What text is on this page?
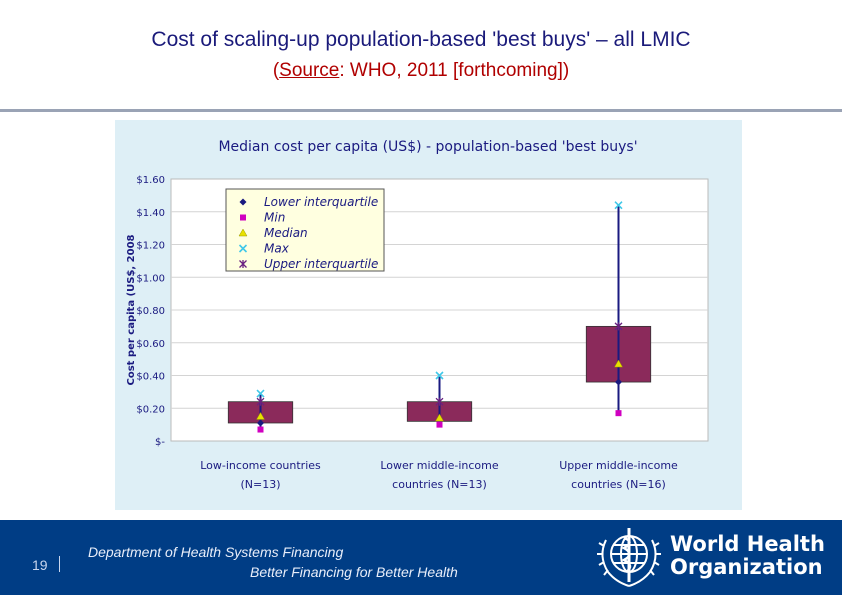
Cost of scaling-up population-based 'best buys' – all LMIC
(Source: WHO, 2011 [forthcoming])
Median cost per capita (US$) - population-based 'best buys'
$-
$0.20
$0.40
$0.60
$0.80
$1.00
$1.20
$1.40
$1.60
Cost per capita (US$, 2008
Low-income countries
(N=13)
Lower middle-income
countries (N=13)
Upper middle-income
countries (N=16)
Lower interquartile
Min
Median
Max
Upper interquartile
19
Department of Health Systems Financing
Better Financing for Better Health
World Health
Organization
